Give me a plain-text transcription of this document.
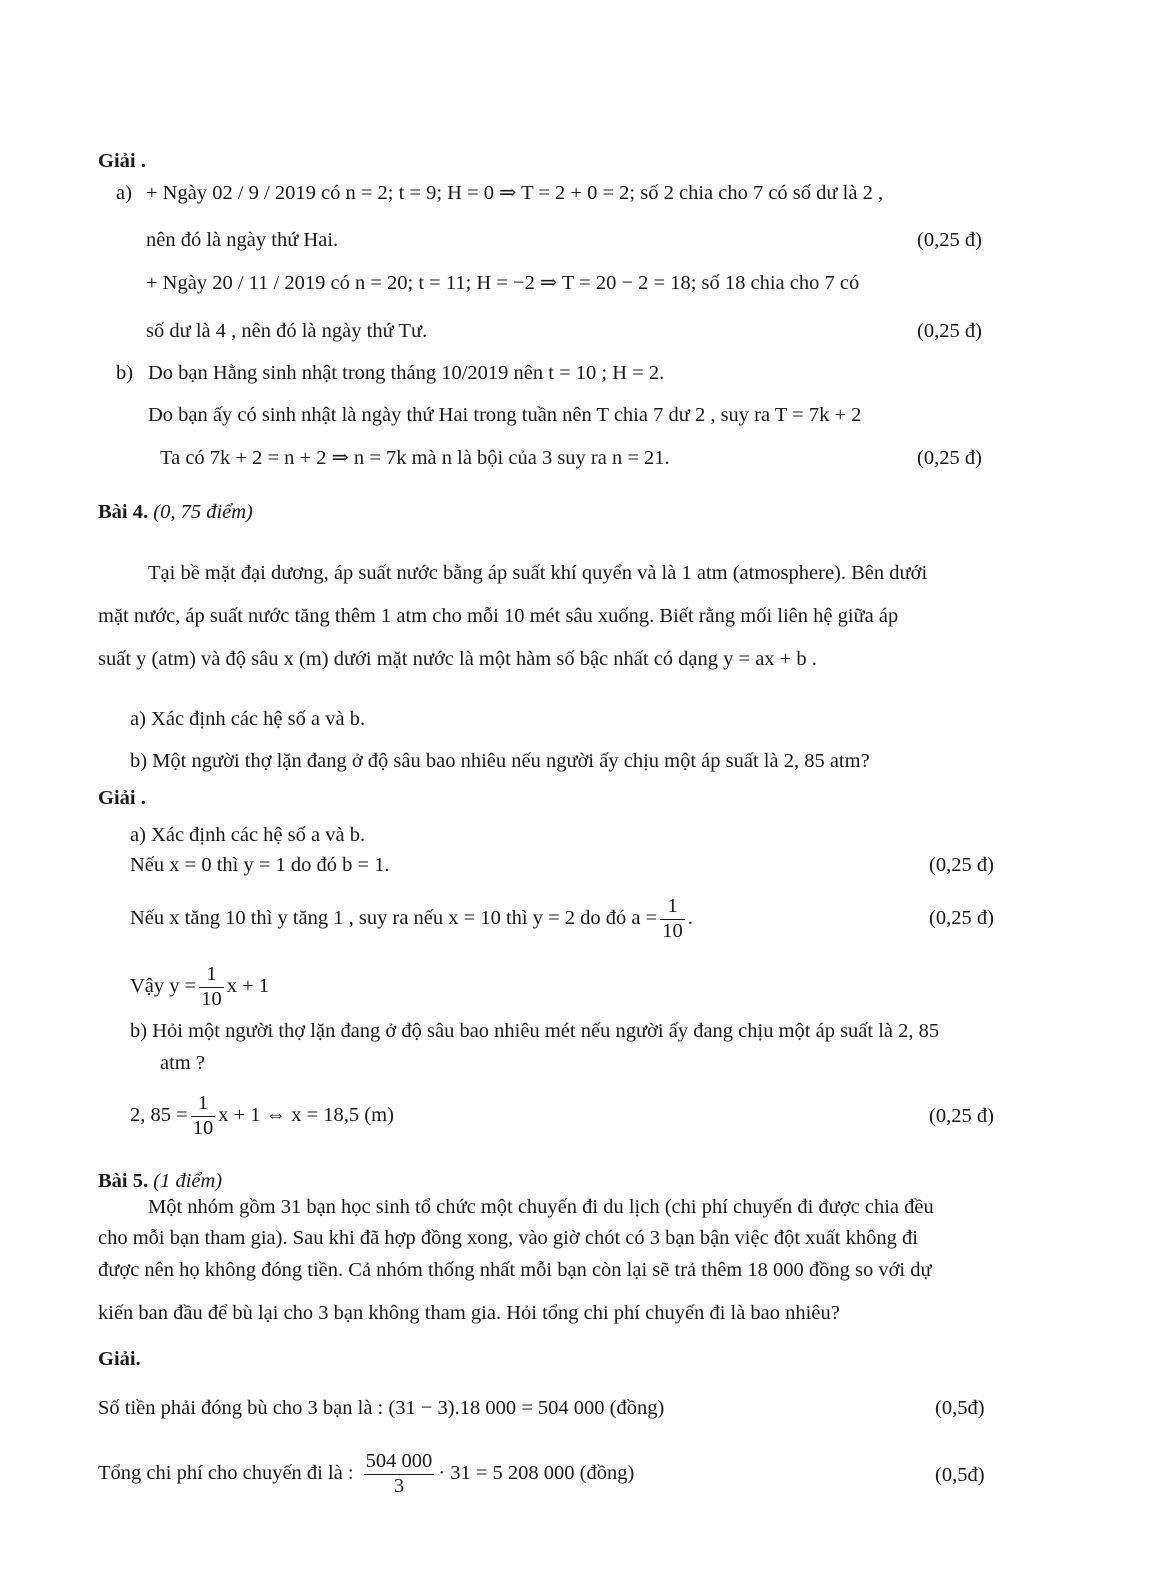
Giải .
a) + Ngày 02 / 9 / 2019 có n = 2; t = 9; H = 0 ⇒ T = 2 + 0 = 2; số 2 chia cho 7 có số dư là 2 ,
nên đó là ngày thứ Hai.	(0,25 đ)
+ Ngày 20 / 11 / 2019 có n = 20; t = 11; H = −2 ⇒ T = 20 − 2 = 18; số 18 chia cho 7 có
số dư là 4 , nên đó là ngày thứ Tư.	(0,25 đ)
b) Do bạn Hằng sinh nhật trong tháng 10/2019 nên t = 10 ; H = 2.
Do bạn ấy có sinh nhật là ngày thứ Hai trong tuần nên T chia 7 dư 2 , suy ra T = 7k + 2
Ta có 7k + 2 = n + 2 ⇒ n = 7k mà n là bội của 3 suy ra n = 21.	(0,25 đ)
Bài 4. (0, 75 điểm)
Tại bề mặt đại dương, áp suất nước bằng áp suất khí quyển và là 1 atm (atmosphere). Bên dưới
mặt nước, áp suất nước tăng thêm 1 atm cho mỗi 10 mét sâu xuống. Biết rằng mối liên hệ giữa áp
suất y (atm) và độ sâu x (m) dưới mặt nước là một hàm số bậc nhất có dạng y = ax + b .
a) Xác định các hệ số a và b.
b) Một người thợ lặn đang ở độ sâu bao nhiêu nếu người ấy chịu một áp suất là 2, 85 atm?
Giải .
a) Xác định các hệ số a và b.
Nếu x = 0 thì y = 1 do đó b = 1.	(0,25 đ)
Nếu x tăng 10 thì y tăng 1 , suy ra nếu x = 10 thì y = 2 do đó $a = \frac{1}{10}$ .	(0,25 đ)
Vậy $y = \frac{1}{10}$ x + 1
b) Hỏi một người thợ lặn đang ở độ sâu bao nhiêu mét nếu người ấy đang chịu một áp suất là 2, 85
atm ?
2, $85 = \frac{1}{10}$ x + 1 ⇔ x = 18,5 (m)	(0,25 đ)
Bài 5. (1 điểm)
Một nhóm gồm 31 bạn học sinh tổ chức một chuyến đi du lịch (chi phí chuyến đi được chia đều
cho mỗi bạn tham gia). Sau khi đã hợp đồng xong, vào giờ chót có 3 bạn bận việc đột xuất không đi
được nên họ không đóng tiền. Cả nhóm thống nhất mỗi bạn còn lại sẽ trả thêm 18 000 đồng so với dự
kiến ban đầu để bù lại cho 3 bạn không tham gia. Hỏi tổng chi phí chuyến đi là bao nhiêu?
Giải.
Số tiền phải đóng bù cho 3 bạn là : (31 − 3).18 000 = 504 000 (đồng)	(0,5đ)
Tổng chi phí cho chuyến đi là : $\frac{504 000}{3} \cdot 31 = 5$ 208 000 (đồng)	(0,5đ)
